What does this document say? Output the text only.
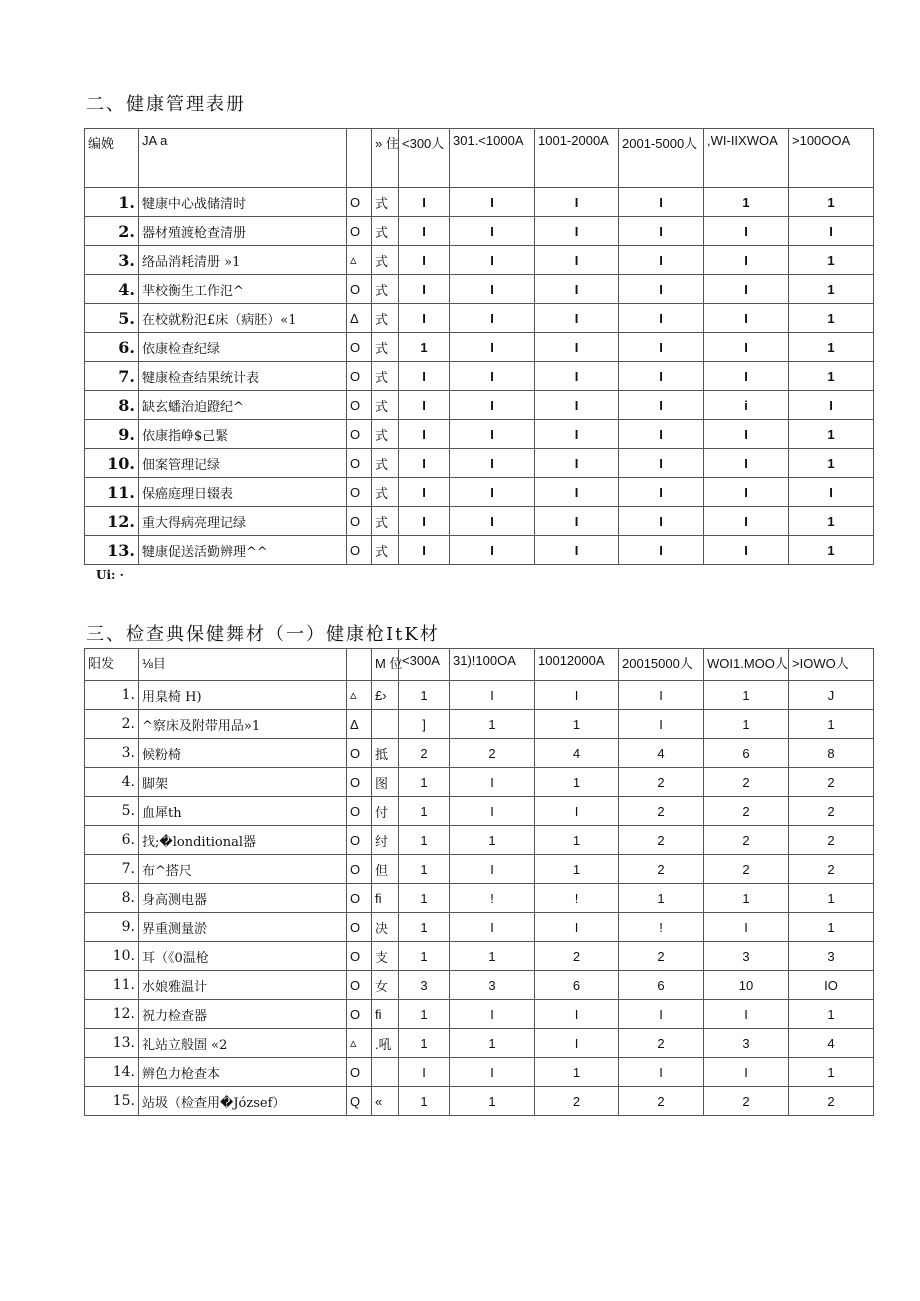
二、健康管理表册
编娩	JA a		» 住	<300人	301.<1000A	1001-2000A	2001-5000人	,WI-IIXWOA	>100OOA
1.	犍康中心战储清时	O	式	I	I	I	I	1	1
2.	器材殖渡枪查清册	O	式	I	I	I	I	I	I
3.	络品消耗清册 »1	▵	式	I	I	I	I	I	1
4.	芈校衡生工作氾^	O	式	I	I	I	I	I	1
5.	在校就粉氾£床（病胚）«1	Δ	式	I	I	I	I	I	1
6.	依康检查纪绿	O	式	1	I	I	I	I	1
7.	犍康检查结果统计表	O	式	I	I	I	I	I	1
8.	缺玄蟠治迫蹬纪^	O	式	I	I	I	I	i	I
9.	依康指峥$己緊	O	式	I	I	I	I	I	1
10.	佃案管理记绿	O	式	I	I	I	I	I	1
11.	保癌庭理日辍表	O	式	I	I	I	I	I	I
12.	重大得病亮理记绿	O	式	I	I	I	I	I	1
13.	犍康促送活勤辨理^^	O	式	I	I	I	I	I	1
Ui: ·
三、检查典保健舞材（一）健康枪ItK材
阳发	⅛目		M 位	<300A	31)!100OA	10012000A	20015000人	WOI1.MOO人	>IOWO人
1.	用臬椅 H)	▵	£›	1	I	I	I	1	J
2.	^察床及附带用品»1	Δ		]	1	1	I	1	1
3.	候粉椅	O	抵	2	2	4	4	6	8
4.	脚架	O	图	1	I	1	2	2	2
5.	血犀th	O	付	1	I	I	2	2	2
6.	找;�londitional器	O	纣	1	1	1	2	2	2
7.	布^搭尺	O	但	1	I	1	2	2	2
8.	身高测电器	O	fi	1	!	!	1	1	1
9.	界重测量淤	O	决	1	I	I	!	I	1
10.	耳（《0温枪	O	支	1	1	2	2	3	3
11.	水娘雅温计	O	女	3	3	6	6	10	IO
12.	祝力检查器	O	fi	1	I	I	I	I	1
13.	礼站立般圄 «2	▵	.吼	1	1	I	2	3	4
14.	辨色力枪查本	O		I	I	1	I	I	1
15.	站圾（检查用�József）	Q	«	1	1	2	2	2	2
